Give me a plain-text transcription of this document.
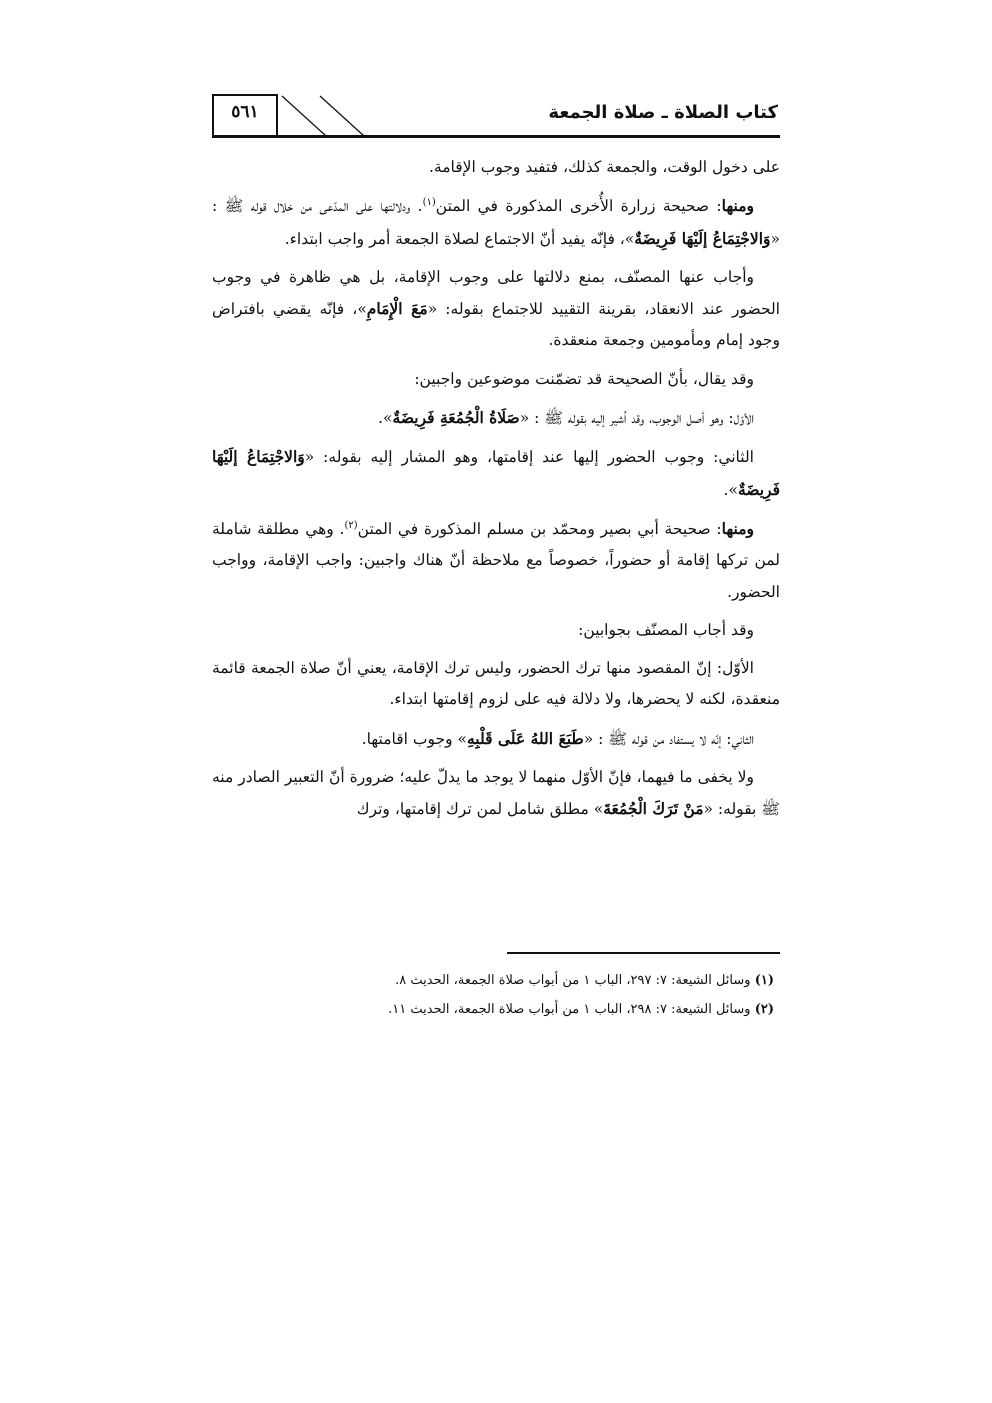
٥٦١	كتاب الصلاة ـ صلاة الجمعة

على دخول الوقت، والجمعة كذلك، فتفيد وجوب الإقامة.

ومنها: صحيحة زرارة الأُخرى المذكورة في المتن$^{(١)}$. ودلالتها على المدّعى من خلال قوله ﷺ : «وَالاجْتِمَاعُ إلَيْهَا فَرِيضَةٌ»، فإنّه يفيد أنّ الاجتماع لصلاة الجمعة أمر واجب ابتداء.

وأجاب عنها المصنّف، بمنع دلالتها على وجوب الإقامة، بل هي ظاهرة في وجوب الحضور عند الانعقاد، بقرينة التقييد للاجتماع بقوله: «مَعَ الْإِمَامِ»، فإنّه يقضي بافتراض وجود إمام ومأمومين وجمعة منعقدة.

وقد يقال، بأنّ الصحيحة قد تضمّنت موضوعين واجبين:

الأوّل: وهو أصل الوجوب، وقد اُشير إليه بقوله ﷺ : «صَلَاةُ الْجُمُعَةِ فَرِيضَةٌ».

الثاني: وجوب الحضور إليها عند إقامتها، وهو المشار إليه بقوله: «وَالاجْتِمَاعُ إلَيْهَا فَرِيضَةٌ».

ومنها: صحيحة أبي بصير ومحمّد بن مسلم المذكورة في المتن$^{(٢)}$. وهي مطلقة شاملة لمن تركها إقامة أو حضوراً، خصوصاً مع ملاحظة أنّ هناك واجبين: واجب الإقامة، وواجب الحضور.

وقد أجاب المصنّف بجوابين:

الأوّل: إنّ المقصود منها ترك الحضور، وليس ترك الإقامة، يعني أنّ صلاة الجمعة قائمة منعقدة، لكنه لا يحضرها، ولا دلالة فيه على لزوم إقامتها ابتداء.

الثاني: إنّه لا يستفاد من قوله ﷺ : «طَبَعَ اللهُ عَلَى قَلْبِهِ» وجوب اقامتها.

ولا يخفى ما فيهما، فإنّ الأوّل منهما لا يوجد ما يدلّ عليه؛ ضرورة أنّ التعبير الصادر منه ﷺ بقوله: «مَنْ تَرَكَ الْجُمُعَةَ» مطلق شامل لمن ترك إقامتها، وترك

(١) وسائل الشيعة: ٧: ٢٩٧، الباب ١ من أبواب صلاة الجمعة، الحديث ٨.

(٢) وسائل الشيعة: ٧: ٢٩٨، الباب ١ من أبواب صلاة الجمعة، الحديث ١١.
